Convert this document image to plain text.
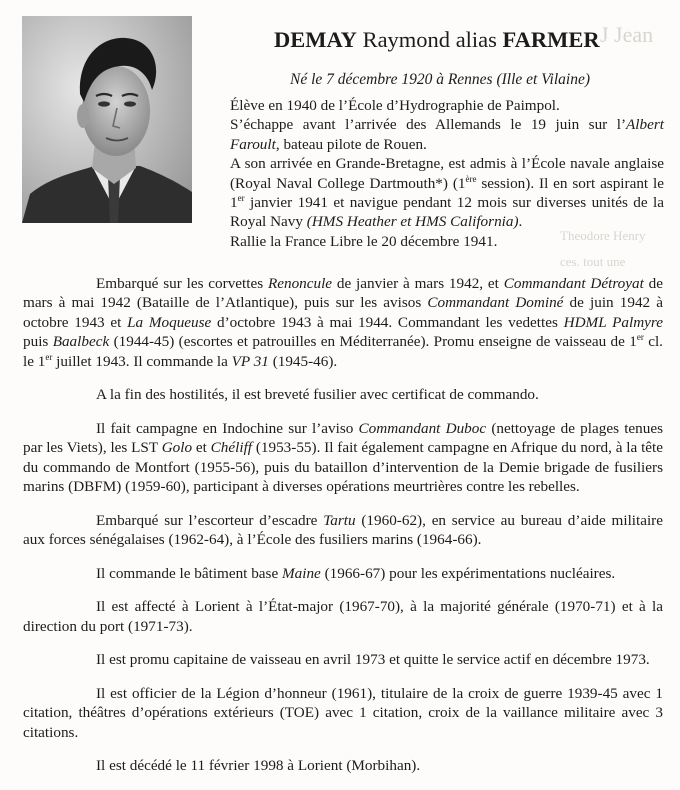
J Jean
Theodore Henry
ces. tout une
DEMAY Raymond alias FARMER
Né le 7 décembre 1920 à Rennes (Ille et Vilaine)

Élève en 1940 de l’École d’Hydrographie de Paimpol.

S’échappe avant l’arrivée des Allemands le 19 juin sur l’Albert Faroult, bateau pilote de Rouen.

A son arrivée en Grande-Bretagne, est admis à l’École navale anglaise (Royal Naval College Dartmouth*) (1ère session). Il en sort aspirant le 1er janvier 1941 et navigue pendant 12 mois sur diverses unités de la Royal Navy (HMS Heather et HMS California).

Rallie la France Libre le 20 décembre 1941.

Embarqué sur les corvettes Renoncule de janvier à mars 1942, et Commandant Détroyat de mars à mai 1942 (Bataille de l’Atlantique), puis sur les avisos Commandant Dominé de juin 1942 à octobre 1943 et La Moqueuse d’octobre 1943 à mai 1944. Commandant les vedettes HDML Palmyre puis Baalbeck (1944-45) (escortes et patrouilles en Méditerranée). Promu enseigne de vaisseau de 1er cl. le 1er juillet 1943. Il commande la VP 31 (1945-46).

A la fin des hostilités, il est breveté fusilier avec certificat de commando.

Il fait campagne en Indochine sur l’aviso Commandant Duboc (nettoyage de plages tenues par les Viets), les LST Golo et Chéliff (1953-55). Il fait également campagne en Afrique du nord, à la tête du commando de Montfort (1955-56), puis du bataillon d’intervention de la Demie brigade de fusiliers marins (DBFM) (1959-60), participant à diverses opérations meurtrières contre les rebelles.

Embarqué sur l’escorteur d’escadre Tartu (1960-62), en service au bureau d’aide militaire aux forces sénégalaises (1962-64), à l’École des fusiliers marins (1964-66).

Il commande le bâtiment base Maine (1966-67) pour les expérimentations nucléaires.

Il est affecté à Lorient à l’État-major (1967-70), à la majorité générale (1970-71) et à la direction du port (1971-73).

Il est promu capitaine de vaisseau en avril 1973 et quitte le service actif en décembre 1973.

Il est officier de la Légion d’honneur (1961), titulaire de la croix de guerre 1939-45 avec 1 citation, théâtres d’opérations extérieurs (TOE) avec 1 citation, croix de la vaillance militaire avec 3 citations.

Il est décédé le 11 février 1998 à Lorient (Morbihan).
